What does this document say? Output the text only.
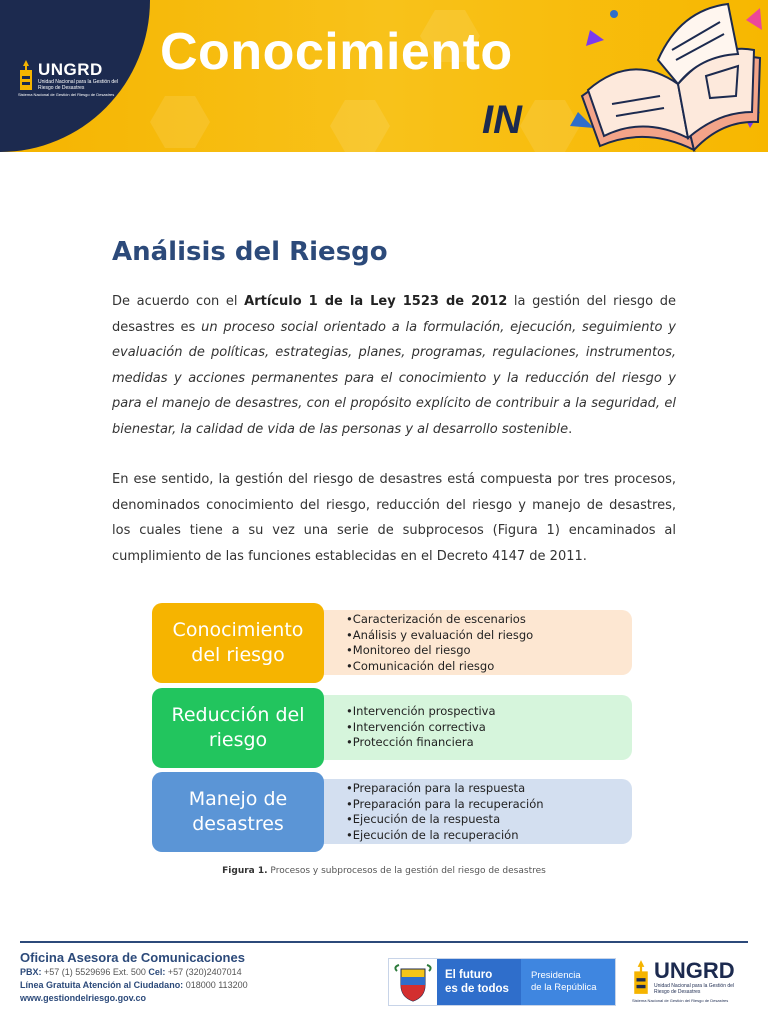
UNGRD
Unidad Nacional para la Gestión del Riesgo de Desastres
Sistema Nacional de Gestión del Riesgo de Desastres
Conocimiento
IN
Análisis del Riesgo

De acuerdo con el Artículo 1 de la Ley 1523 de 2012 la gestión del riesgo de desastres es un proceso social orientado a la formulación, ejecución, seguimiento y evaluación de políticas, estrategias, planes, programas, regulaciones, instrumentos, medidas y acciones permanentes para el conocimiento y la reducción del riesgo y para el manejo de desastres, con el propósito explícito de contribuir a la seguridad, el bienestar, la calidad de vida de las personas y al desarrollo sostenible.

En ese sentido, la gestión del riesgo de desastres está compuesta por tres procesos, denominados conocimiento del riesgo, reducción del riesgo y manejo de desastres, los cuales tiene a su vez una serie de subprocesos (Figura 1) encaminados al cumplimiento de las funciones establecidas en el Decreto 4147 de 2011.

Conocimiento del riesgo
•Caracterización de escenarios
•Análisis y evaluación del riesgo
•Monitoreo del riesgo
•Comunicación del riesgo
Reducción del riesgo
•Intervención prospectiva
•Intervención correctiva
•Protección financiera
Manejo de desastres
•Preparación para la respuesta
•Preparación para la recuperación
•Ejecución de la respuesta
•Ejecución de la recuperación
Figura 1. Procesos y subprocesos de la gestión del riesgo de desastres
Oficina Asesora de Comunicaciones
PBX: +57 (1) 5529696 Ext. 500 Cel: +57 (320)2407014
Línea Gratuita Atención al Ciudadano: 018000 113200
www.gestiondelriesgo.gov.co
El futuro
es de todos
Presidencia
de la República
UNGRD
Unidad Nacional para la Gestión del Riesgo de Desastres
Sistema Nacional de Gestión del Riesgo de Desastres
